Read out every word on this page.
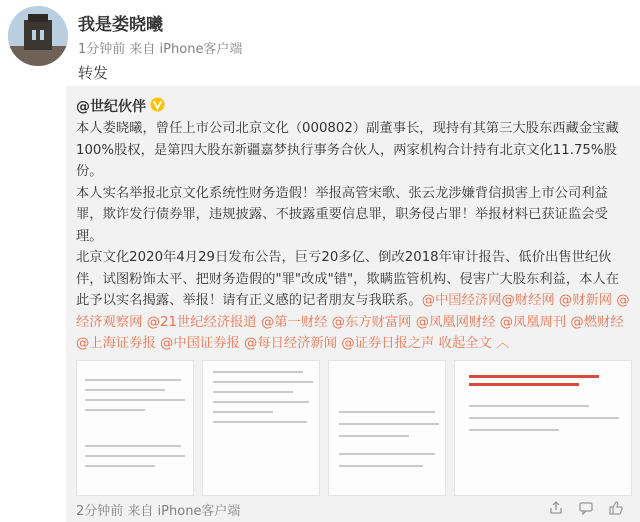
我是娄晓曦
1分钟前 来自 iPhone客户端
转发
@世纪伙伴

本人娄晓曦，曾任上市公司北京文化（000802）副董事长，现持有其第三大股东西藏金宝藏100%股权，是第四大股东新疆嘉梦执行事务合伙人，两家机构合计持有北京文化11.75%股份。

本人实名举报北京文化系统性财务造假！举报高管宋歌、张云龙涉嫌背信损害上市公司利益罪，欺诈发行债券罪，违规披露、不披露重要信息罪，职务侵占罪！举报材料已获证监会受理。

北京文化2020年4月29日发布公告，巨亏20多亿、倒改2018年审计报告、低价出售世纪伙伴，试图粉饰太平、把财务造假的"罪"改成"错"，欺瞒监管机构、侵害广大股东利益，本人在此予以实名揭露、举报！请有正义感的记者朋友与我联系。@中国经济网@财经网 @财新网 @经济观察网 @21世纪经济报道 @第一财经 @东方财富网 @凤凰网财经 @凤凰周刊 @燃财经 @上海证券报 @中国证券报 @每日经济新闻 @证券日报之声 收起全文 ︿

2分钟前 来自 iPhone客户端
